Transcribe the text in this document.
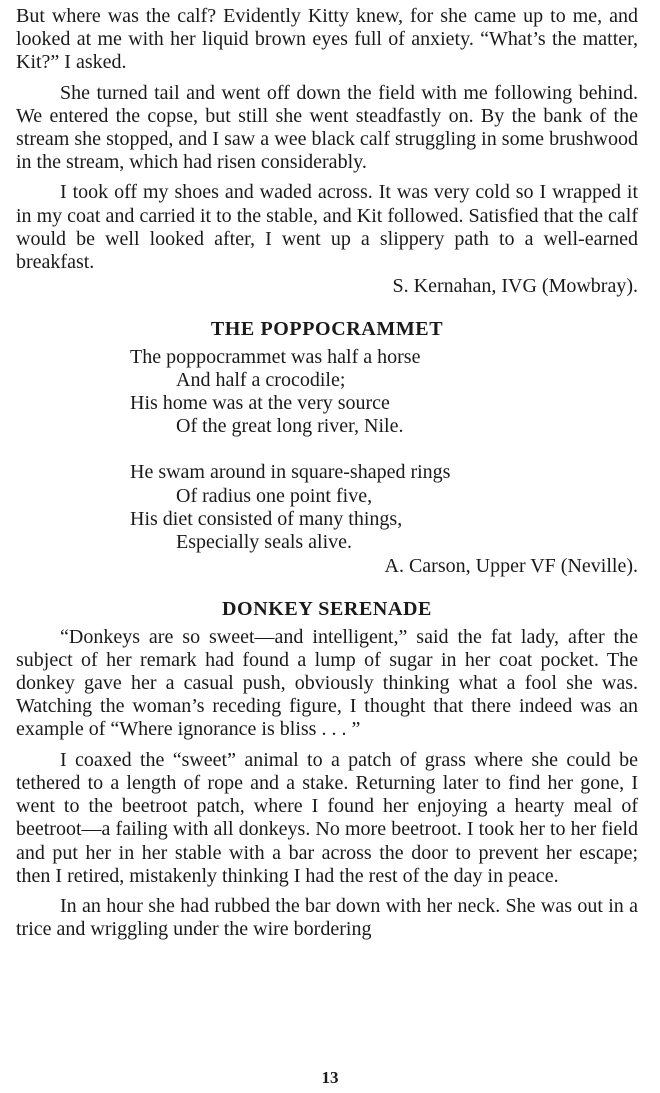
But where was the calf? Evidently Kitty knew, for she came up to me, and looked at me with her liquid brown eyes full of anxiety. “What’s the matter, Kit?” I asked.

She turned tail and went off down the field with me following behind. We entered the copse, but still she went steadfastly on. By the bank of the stream she stopped, and I saw a wee black calf struggling in some brushwood in the stream, which had risen considerably.

I took off my shoes and waded across. It was very cold so I wrapped it in my coat and carried it to the stable, and Kit followed. Satisfied that the calf would be well looked after, I went up a slippery path to a well-earned breakfast.

S. Kernahan, IVG (Mowbray).

THE POPPOCRAMMET
The poppocrammet was half a horse
And half a crocodile;
His home was at the very source
Of the great long river, Nile.
He swam around in square-shaped rings
Of radius one point five,
His diet consisted of many things,
Especially seals alive.

A. Carson, Upper VF (Neville).

DONKEY SERENADE

“Donkeys are so sweet—and intelligent,” said the fat lady, after the subject of her remark had found a lump of sugar in her coat pocket. The donkey gave her a casual push, obviously thinking what a fool she was. Watching the woman’s receding figure, I thought that there indeed was an example of “Where ignorance is bliss . . . ”

I coaxed the “sweet” animal to a patch of grass where she could be tethered to a length of rope and a stake. Returning later to find her gone, I went to the beetroot patch, where I found her enjoying a hearty meal of beetroot—a failing with all donkeys. No more beetroot. I took her to her field and put her in her stable with a bar across the door to prevent her escape; then I retired, mistakenly thinking I had the rest of the day in peace.

In an hour she had rubbed the bar down with her neck. She was out in a trice and wriggling under the wire bordering

13
